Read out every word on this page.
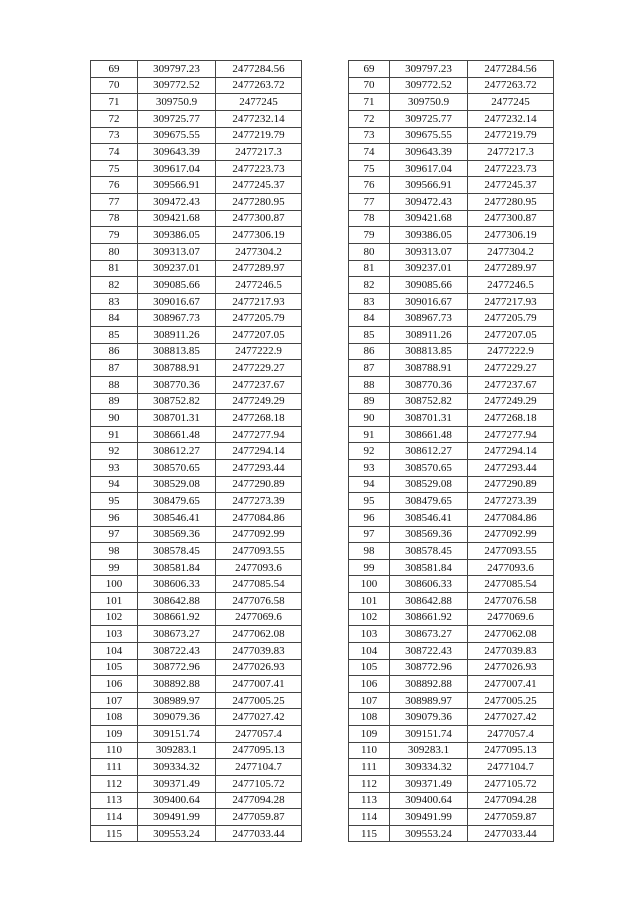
69	309797.23	2477284.56
70	309772.52	2477263.72
71	309750.9	2477245
72	309725.77	2477232.14
73	309675.55	2477219.79
74	309643.39	2477217.3
75	309617.04	2477223.73
76	309566.91	2477245.37
77	309472.43	2477280.95
78	309421.68	2477300.87
79	309386.05	2477306.19
80	309313.07	2477304.2
81	309237.01	2477289.97
82	309085.66	2477246.5
83	309016.67	2477217.93
84	308967.73	2477205.79
85	308911.26	2477207.05
86	308813.85	2477222.9
87	308788.91	2477229.27
88	308770.36	2477237.67
89	308752.82	2477249.29
90	308701.31	2477268.18
91	308661.48	2477277.94
92	308612.27	2477294.14
93	308570.65	2477293.44
94	308529.08	2477290.89
95	308479.65	2477273.39
96	308546.41	2477084.86
97	308569.36	2477092.99
98	308578.45	2477093.55
99	308581.84	2477093.6
100	308606.33	2477085.54
101	308642.88	2477076.58
102	308661.92	2477069.6
103	308673.27	2477062.08
104	308722.43	2477039.83
105	308772.96	2477026.93
106	308892.88	2477007.41
107	308989.97	2477005.25
108	309079.36	2477027.42
109	309151.74	2477057.4
110	309283.1	2477095.13
111	309334.32	2477104.7
112	309371.49	2477105.72
113	309400.64	2477094.28
114	309491.99	2477059.87
115	309553.24	2477033.44
69	309797.23	2477284.56
70	309772.52	2477263.72
71	309750.9	2477245
72	309725.77	2477232.14
73	309675.55	2477219.79
74	309643.39	2477217.3
75	309617.04	2477223.73
76	309566.91	2477245.37
77	309472.43	2477280.95
78	309421.68	2477300.87
79	309386.05	2477306.19
80	309313.07	2477304.2
81	309237.01	2477289.97
82	309085.66	2477246.5
83	309016.67	2477217.93
84	308967.73	2477205.79
85	308911.26	2477207.05
86	308813.85	2477222.9
87	308788.91	2477229.27
88	308770.36	2477237.67
89	308752.82	2477249.29
90	308701.31	2477268.18
91	308661.48	2477277.94
92	308612.27	2477294.14
93	308570.65	2477293.44
94	308529.08	2477290.89
95	308479.65	2477273.39
96	308546.41	2477084.86
97	308569.36	2477092.99
98	308578.45	2477093.55
99	308581.84	2477093.6
100	308606.33	2477085.54
101	308642.88	2477076.58
102	308661.92	2477069.6
103	308673.27	2477062.08
104	308722.43	2477039.83
105	308772.96	2477026.93
106	308892.88	2477007.41
107	308989.97	2477005.25
108	309079.36	2477027.42
109	309151.74	2477057.4
110	309283.1	2477095.13
111	309334.32	2477104.7
112	309371.49	2477105.72
113	309400.64	2477094.28
114	309491.99	2477059.87
115	309553.24	2477033.44
